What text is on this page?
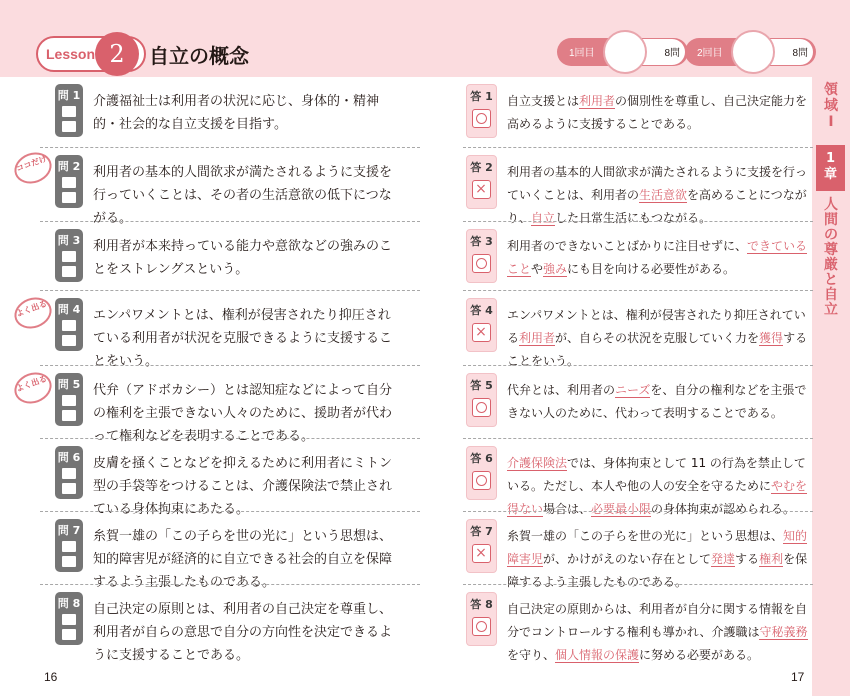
Lesson 2	自立の概念	1回目	8問 2回目	8問
領
域
Ⅰ
1
章
人
間
の
尊
厳
と
自
立
問 1 介護福祉士は利用者の状況に応じ、身体的・精神的・社会的な自立支援を目指す。
答 1 自立支援とは利用者の個別性を尊重し、自己決定能力を高めるように支援することである。
問 2 利用者の基本的人間欲求が満たされるように支援を行っていくことは、その者の生活意欲の低下につながる。
ココだけ	答 2
×
利用者の基本的人間欲求が満たされるように支援を行っていくことは、利用者の生活意欲を高めることにつながり、自立した日常生活にもつながる。
問 3 利用者が本来持っている能力や意欲などの強みのことをストレングスという。
答 3 利用者のできないことばかりに注目せずに、できていることや強みにも目を向ける必要性がある。
問 4 エンパワメントとは、権利が侵害されたり抑圧されている利用者が状況を克服できるように支援することをいう。
よく出る	答 4
×
エンパワメントとは、権利が侵害されたり抑圧されている利用者が、自らその状況を克服していく力を獲得することをいう。
問 5 代弁（アドボカシー）とは認知症などによって自分の権利を主張できない人々のために、援助者が代わって権利などを表明することである。
よく出る	答 5 代弁とは、利用者のニーズを、自分の権利などを主張できない人のために、代わって表明することである。
問 6 皮膚を掻くことなどを抑えるために利用者にミトン型の手袋等をつけることは、介護保険法で禁止されている身体拘束にあたる。
答 6 介護保険法では、身体拘束として 11 の行為を禁止している。ただし、本人や他の人の安全を守るためにやむを得ない場合は、必要最小限の身体拘束が認められる。
問 7 糸賀一雄の「この子らを世の光に」という思想は、知的障害児が経済的に自立できる社会的自立を保障するよう主張したものである。
答 7
×
糸賀一雄の「この子らを世の光に」という思想は、知的障害児が、かけがえのない存在として発達する権利を保障するよう主張したものである。
問 8 自己決定の原則とは、利用者の自己決定を尊重し、利用者が自らの意思で自分の方向性を決定できるように支援することである。
答 8 自己決定の原則からは、利用者が自分に関する情報を自分でコントロールする権利も導かれ、介護職は守秘義務を守り、個人情報の保護に努める必要がある。
16	17
